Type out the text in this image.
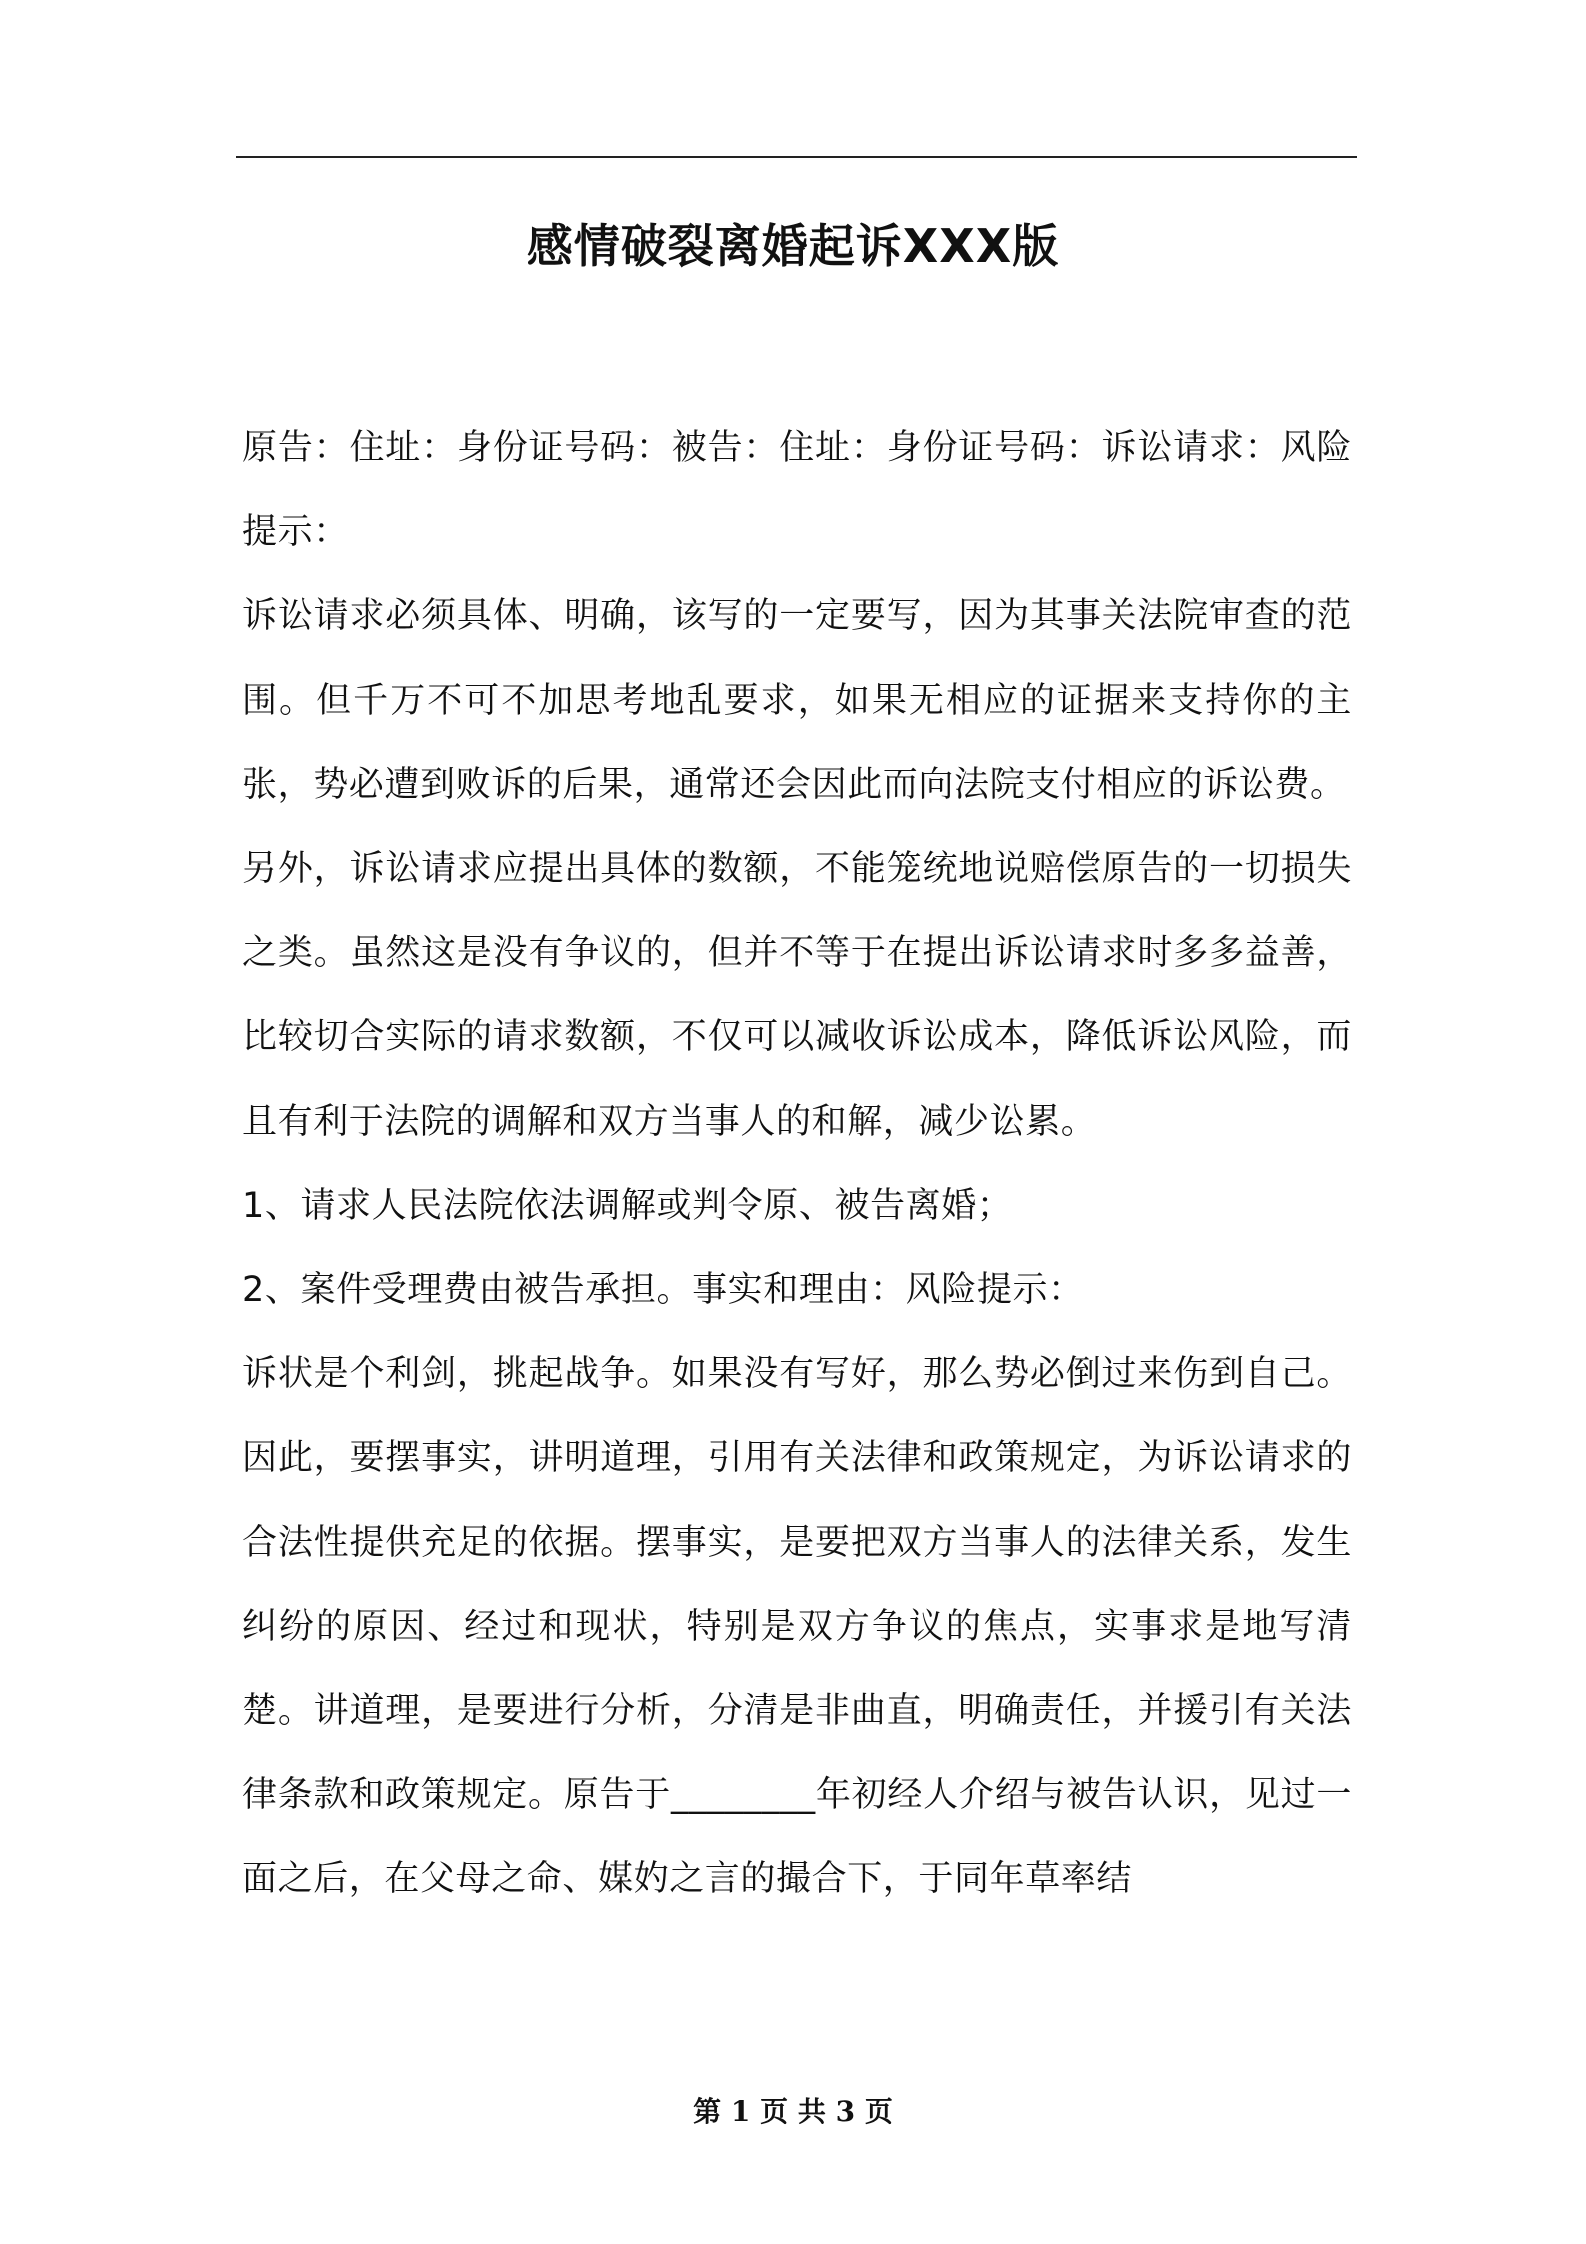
感情破裂离婚起诉XXX版

原告：住址：身份证号码：被告：住址：身份证号码：诉讼请求：风险提示：

诉讼请求必须具体、明确，该写的一定要写，因为其事关法院审查的范围。但千万不可不加思考地乱要求，如果无相应的证据来支持你的主张，势必遭到败诉的后果，通常还会因此而向法院支付相应的诉讼费。

另外，诉讼请求应提出具体的数额，不能笼统地说赔偿原告的一切损失之类。虽然这是没有争议的，但并不等于在提出诉讼请求时多多益善，比较切合实际的请求数额，不仅可以减收诉讼成本，降低诉讼风险，而且有利于法院的调解和双方当事人的和解，减少讼累。

1、请求人民法院依法调解或判令原、被告离婚；

2、案件受理费由被告承担。事实和理由：风险提示：

诉状是个利剑，挑起战争。如果没有写好，那么势必倒过来伤到自己。因此，要摆事实，讲明道理，引用有关法律和政策规定，为诉讼请求的合法性提供充足的依据。摆事实，是要把双方当事人的法律关系，发生纠纷的原因、经过和现状，特别是双方争议的焦点，实事求是地写清楚。讲道理，是要进行分析，分清是非曲直，明确责任，并援引有关法律条款和政策规定。原告于________年初经人介绍与被告认识，见过一面之后，在父母之命、媒妁之言的撮合下，于同年草率结

第 1 页 共 3 页
